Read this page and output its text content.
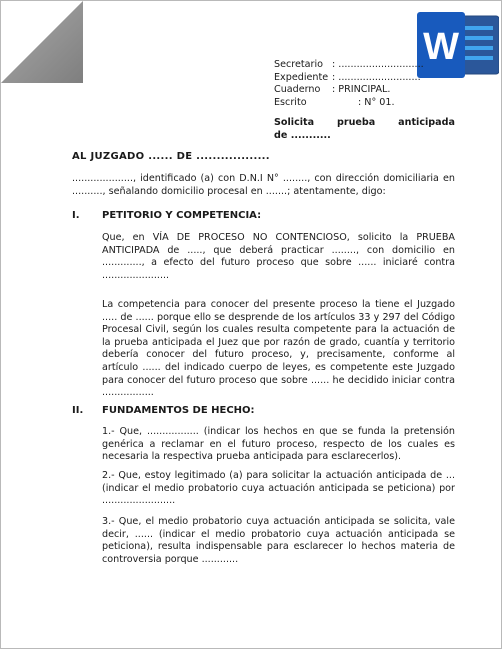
W
Secretario : ............................
Expediente : ...........................
Cuaderno : PRINCIPAL.
Escrito	: N° 01.
Solicita prueba anticipada
de ...........
AL JUZGADO ...... DE ..................
...................., identificado (a) con D.N.I N° ........, con dirección domiciliaria en .........., señalando domicilio procesal en .......; atentamente, digo:
I. PETITORIO Y COMPETENCIA:
Que, en VÍA DE PROCESO NO CONTENCIOSO, solicito la PRUEBA ANTICIPADA de ....., que deberá practicar ........, con domicilio en ............., a efecto del futuro proceso que sobre ...... iniciaré contra ......................
La competencia para conocer del presente proceso la tiene el Juzgado ..... de ...... porque ello se desprende de los artículos 33 y 297 del Código Procesal Civil, según los cuales resulta competente para la actuación de la prueba anticipada el Juez que por razón de grado, cuantía y territorio debería conocer del futuro proceso, y, precisamente, conforme al artículo ...... del indicado cuerpo de leyes, es competente este Juzgado para conocer del futuro proceso que sobre ...... he decidido iniciar contra .................
II. FUNDAMENTOS DE HECHO:
1.- Que, ................. (indicar los hechos en que se funda la pretensión genérica a reclamar en el futuro proceso, respecto de los cuales es necesaria la respectiva prueba anticipada para esclarecerlos).
2.- Que, estoy legitimado (a) para solicitar la actuación anticipada de ... (indicar el medio probatorio cuya actuación anticipada se peticiona) por ........................
3.- Que, el medio probatorio cuya actuación anticipada se solicita, vale decir, ...... (indicar el medio probatorio cuya actuación anticipada se peticiona), resulta indispensable para esclarecer lo hechos materia de controversia porque ............
